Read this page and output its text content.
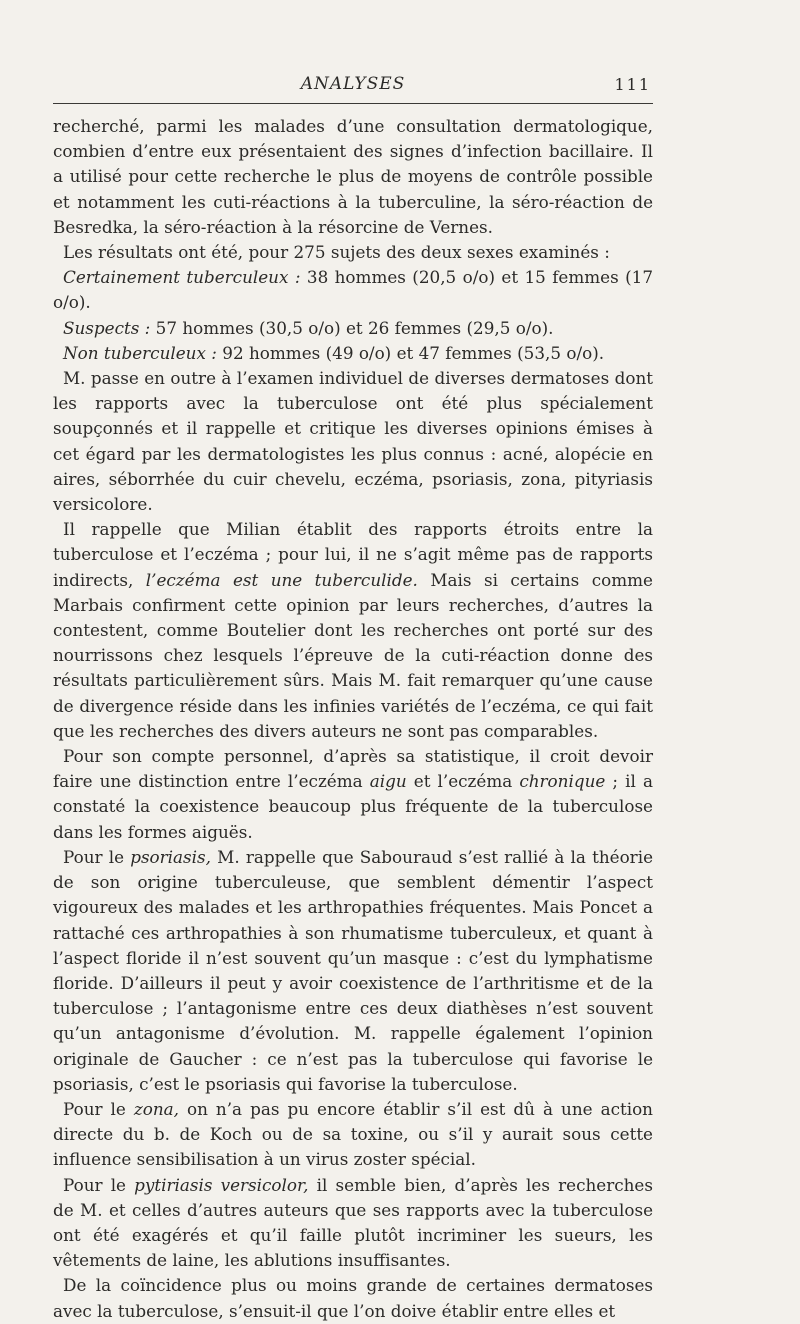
ANALYSES	111

recherché, parmi les malades d’une consultation dermatologique, combien d’entre eux présentaient des signes d’infection bacillaire. Il a utilisé pour cette recherche le plus de moyens de contrôle possible et notamment les cuti-réactions à la tuberculine, la séro-réaction de Besredka, la séro-réaction à la résorcine de Vernes.

Les résultats ont été, pour 275 sujets des deux sexes examinés :

Certainement tuberculeux : 38 hommes (20,5 o/o) et 15 femmes (17 o/o).

Suspects : 57 hommes (30,5 o/o) et 26 femmes (29,5 o/o).

Non tuberculeux : 92 hommes (49 o/o) et 47 femmes (53,5 o/o).

M. passe en outre à l’examen individuel de diverses dermatoses dont les rapports avec la tuberculose ont été plus spécialement soupçonnés et il rappelle et critique les diverses opinions émises à cet égard par les dermatologistes les plus connus : acné, alopécie en aires, séborrhée du cuir chevelu, eczéma, psoriasis, zona, pityriasis versicolore.

Il rappelle que Milian établit des rapports étroits entre la tuberculose et l’eczéma ; pour lui, il ne s’agit même pas de rapports indirects, l’eczéma est une tuberculide. Mais si certains comme Marbais confirment cette opinion par leurs recherches, d’autres la contestent, comme Boutelier dont les recherches ont porté sur des nourrissons chez lesquels l’épreuve de la cuti-réaction donne des résultats particulièrement sûrs. Mais M. fait remarquer qu’une cause de divergence réside dans les infinies variétés de l’eczéma, ce qui fait que les recherches des divers auteurs ne sont pas comparables.

Pour son compte personnel, d’après sa statistique, il croit devoir faire une distinction entre l’eczéma aigu et l’eczéma chronique ; il a constaté la coexistence beaucoup plus fréquente de la tuberculose dans les formes aiguës.

Pour le psoriasis, M. rappelle que Sabouraud s’est rallié à la théorie de son origine tuberculeuse, que semblent démentir l’aspect vigoureux des malades et les arthropathies fréquentes. Mais Poncet a rattaché ces arthropathies à son rhumatisme tuberculeux, et quant à l’aspect floride il n’est souvent qu’un masque : c’est du lymphatisme floride. D’ailleurs il peut y avoir coexistence de l’arthritisme et de la tuberculose ; l’antagonisme entre ces deux diathèses n’est souvent qu’un antagonisme d’évolution. M. rappelle également l’opinion originale de Gaucher : ce n’est pas la tuberculose qui favorise le psoriasis, c’est le psoriasis qui favorise la tuberculose.

Pour le zona, on n’a pas pu encore établir s’il est dû à une action directe du b. de Koch ou de sa toxine, ou s’il y aurait sous cette influence sensibilisation à un virus zoster spécial.

Pour le pytiriasis versicolor, il semble bien, d’après les recherches de M. et celles d’autres auteurs que ses rapports avec la tuberculose ont été exagérés et qu’il faille plutôt incriminer les sueurs, les vêtements de laine, les ablutions insuffisantes.

De la coïncidence plus ou moins grande de certaines dermatoses avec la tuberculose, s’ensuit-il que l’on doive établir entre elles et
